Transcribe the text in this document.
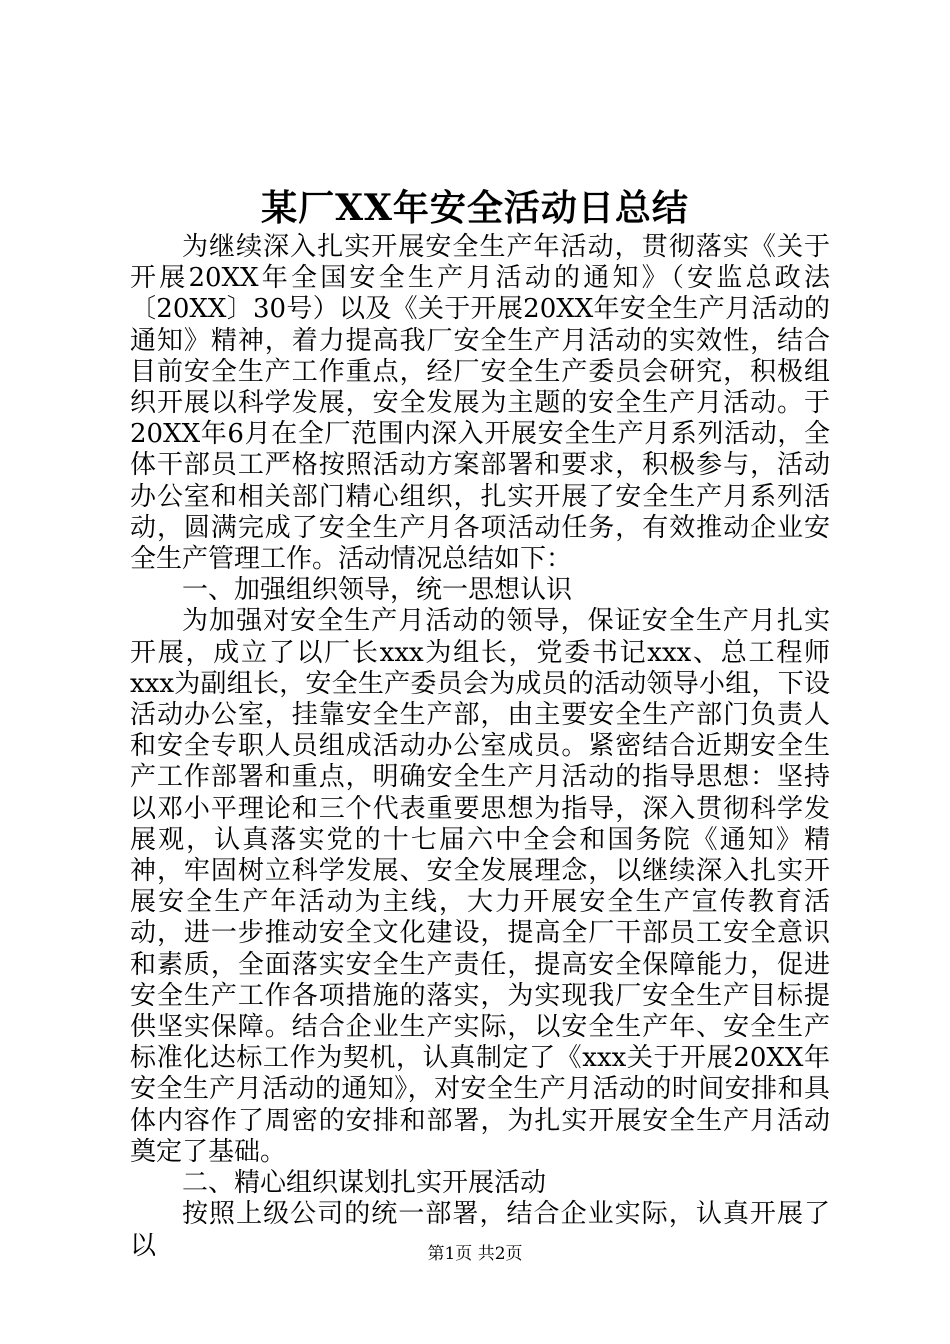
某厂XX年安全活动日总结

为继续深入扎实开展安全生产年活动，贯彻落实《关于开展20XX年全国安全生产月活动的通知》（安监总政法〔20XX〕30号）以及《关于开展20XX年安全生产月活动的通知》精神，着力提高我厂安全生产月活动的实效性，结合目前安全生产工作重点，经厂安全生产委员会研究，积极组织开展以科学发展，安全发展为主题的安全生产月活动。于20XX年6月在全厂范围内深入开展安全生产月系列活动，全体干部员工严格按照活动方案部署和要求，积极参与，活动办公室和相关部门精心组织，扎实开展了安全生产月系列活动，圆满完成了安全生产月各项活动任务，有效推动企业安全生产管理工作。活动情况总结如下：

一、加强组织领导，统一思想认识

为加强对安全生产月活动的领导，保证安全生产月扎实开展，成立了以厂长xxx为组长，党委书记xxx、总工程师xxx为副组长，安全生产委员会为成员的活动领导小组，下设活动办公室，挂靠安全生产部，由主要安全生产部门负责人和安全专职人员组成活动办公室成员。紧密结合近期安全生产工作部署和重点，明确安全生产月活动的指导思想：坚持以邓小平理论和三个代表重要思想为指导，深入贯彻科学发展观，认真落实党的十七届六中全会和国务院《通知》精神，牢固树立科学发展、安全发展理念，以继续深入扎实开展安全生产年活动为主线，大力开展安全生产宣传教育活动，进一步推动安全文化建设，提高全厂干部员工安全意识和素质，全面落实安全生产责任，提高安全保障能力，促进安全生产工作各项措施的落实，为实现我厂安全生产目标提供坚实保障。结合企业生产实际，以安全生产年、安全生产标准化达标工作为契机，认真制定了《xxx关于开展20XX年安全生产月活动的通知》，对安全生产月活动的时间安排和具体内容作了周密的安排和部署，为扎实开展安全生产月活动奠定了基础。

二、精心组织谋划扎实开展活动

按照上级公司的统一部署，结合企业实际，认真开展了以	第1页 共2页
